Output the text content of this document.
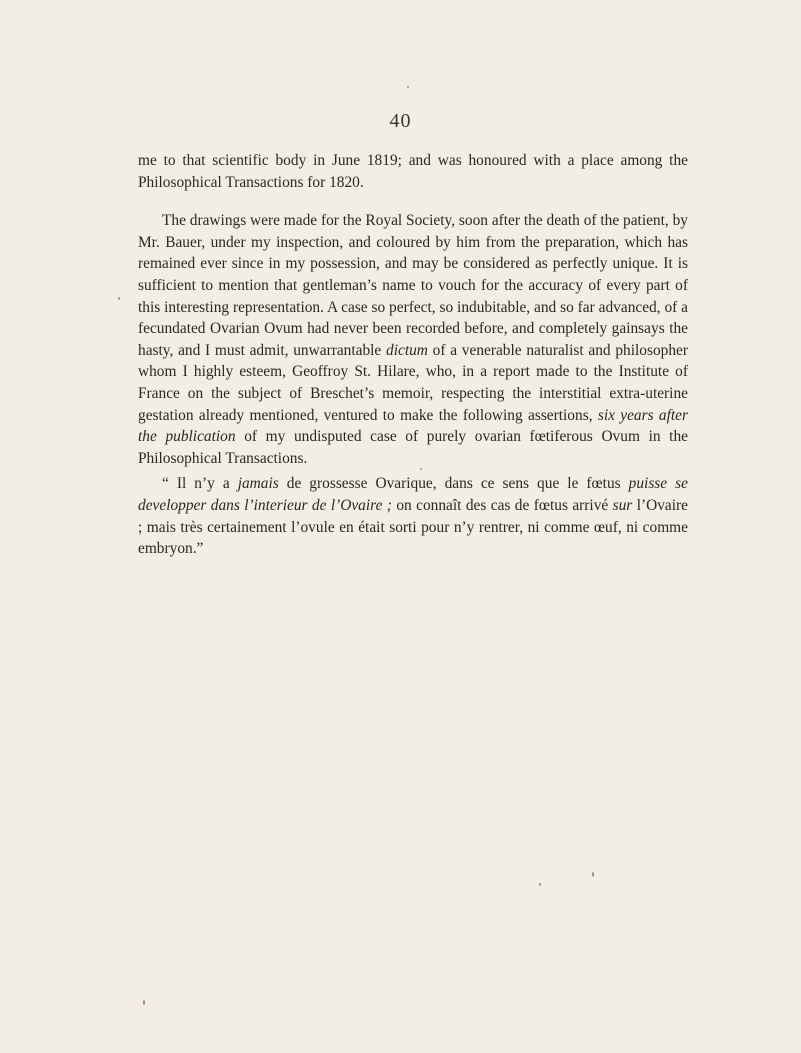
40

me to that scientific body in June 1819; and was honoured with a place among the Philosophical Transactions for 1820.

The drawings were made for the Royal Society, soon after the death of the patient, by Mr. Bauer, under my inspection, and coloured by him from the preparation, which has remained ever since in my possession, and may be considered as perfectly unique. It is sufficient to mention that gentleman’s name to vouch for the accuracy of every part of this interesting representation. A case so perfect, so indubitable, and so far advanced, of a fecundated Ovarian Ovum had never been recorded before, and completely gainsays the hasty, and I must admit, unwarrantable dictum of a venerable naturalist and philosopher whom I highly esteem, Geoffroy St. Hilare, who, in a report made to the Institute of France on the subject of Breschet’s memoir, respecting the interstitial extra-uterine gestation already mentioned, ventured to make the following assertions, six years after the publication of my undisputed case of purely ovarian fœtiferous Ovum in the Philosophical Transactions.

“ Il n’y a jamais de grossesse Ovarique, dans ce sens que le fœtus puisse se developper dans l’interieur de l’Ovaire ; on connaît des cas de fœtus arrivé sur l’Ovaire ; mais très certainement l’ovule en était sorti pour n’y rentrer, ni comme œuf, ni comme embryon.”
